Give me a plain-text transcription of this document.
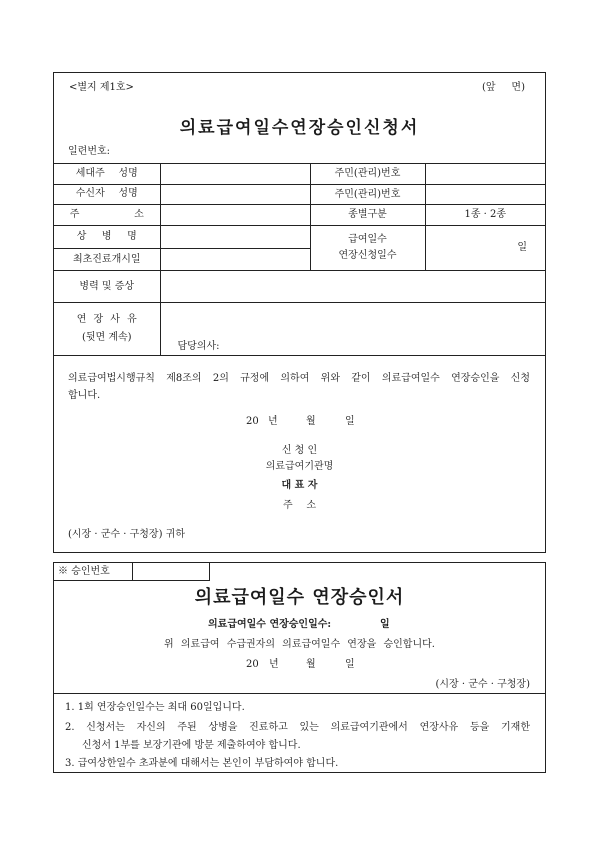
<별지 제1호>	(앞 면)
의료급여일수연장승인신청서
일련번호:
세대주 성명		주민(관리)번호	
수신자 성명		주민(관리)번호	
주 소		종별구분	1종 · 2종
상 병 명		급여일수
연장신청일수	일
최초진료개시일			
병력 및 증상			

연 장 사 유
(뒷면 계속)	담당의사:		
의료급여법시행규칙 제8조의 2의 규정에 의하여 위와 같이 의료급여일수 연장승인을 신청
합니다.
20 년	월	일
신 청 인
의료급여기관명
대 표 자
주 소
(시장 · 군수 · 구청장) 귀하
※ 승인번호
의료급여일수 연장승인서
의료급여일수 연장승인일수:	일
위 의료급여 수급권자의 의료급여일수 연장을 승인합니다.
20 년	월	일
(시장 · 군수 · 구청장)
1. 1회 연장승인일수는 최대 60일입니다.
2. 신청서는 자신의 주된 상병을 진료하고 있는 의료급여기관에서 연장사유 등을 기재한
신청서 1부를 보장기관에 방문 제출하여야 합니다.
3. 급여상한일수 초과분에 대해서는 본인이 부담하여야 합니다.
